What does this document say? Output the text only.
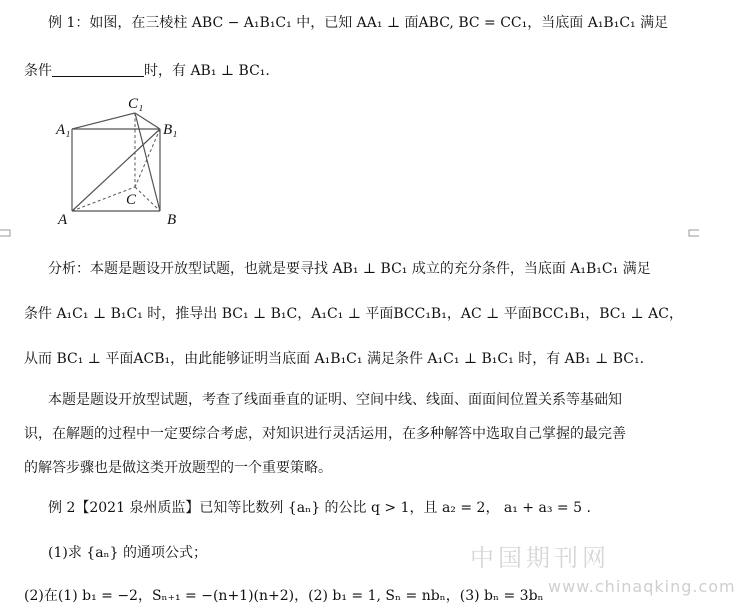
例 1：如图，在三棱柱 ABC − A₁B₁C₁ 中，已知 AA₁ ⊥ 面ABC, BC = CC₁，当底面 A₁B₁C₁ 满足
条件	时，有 AB₁ ⊥ BC₁.
A₁	B₁
C₁
A	B
C
分析：本题是题设开放型试题，也就是要寻找 AB₁ ⊥ BC₁ 成立的充分条件，当底面 A₁B₁C₁ 满足
条件 A₁C₁ ⊥ B₁C₁ 时，推导出 BC₁ ⊥ B₁C，A₁C₁ ⊥ 平面BCC₁B₁，AC ⊥ 平面BCC₁B₁，BC₁ ⊥ AC，
从而 BC₁ ⊥ 平面ACB₁，由此能够证明当底面 A₁B₁C₁ 满足条件 A₁C₁ ⊥ B₁C₁ 时，有 AB₁ ⊥ BC₁.
本题是题设开放型试题，考查了线面垂直的证明、空间中线、线面、面面间位置关系等基础知
识，在解题的过程中一定要综合考虑，对知识进行灵活运用，在多种解答中选取自己掌握的最完善
的解答步骤也是做这类开放题型的一个重要策略。
例 2【2021 泉州质监】已知等比数列 {aₙ} 的公比 q > 1，且 a₂ = 2， a₁ + a₃ = 5 .
(1)求 {aₙ} 的通项公式；
(2)在(1) b₁ = −2，Sₙ₊₁ = −(n+1)(n+2)，(2) b₁ = 1, Sₙ = nbₙ，(3) bₙ = 3bₙ
中国期刊网
www.chinaqking.com
